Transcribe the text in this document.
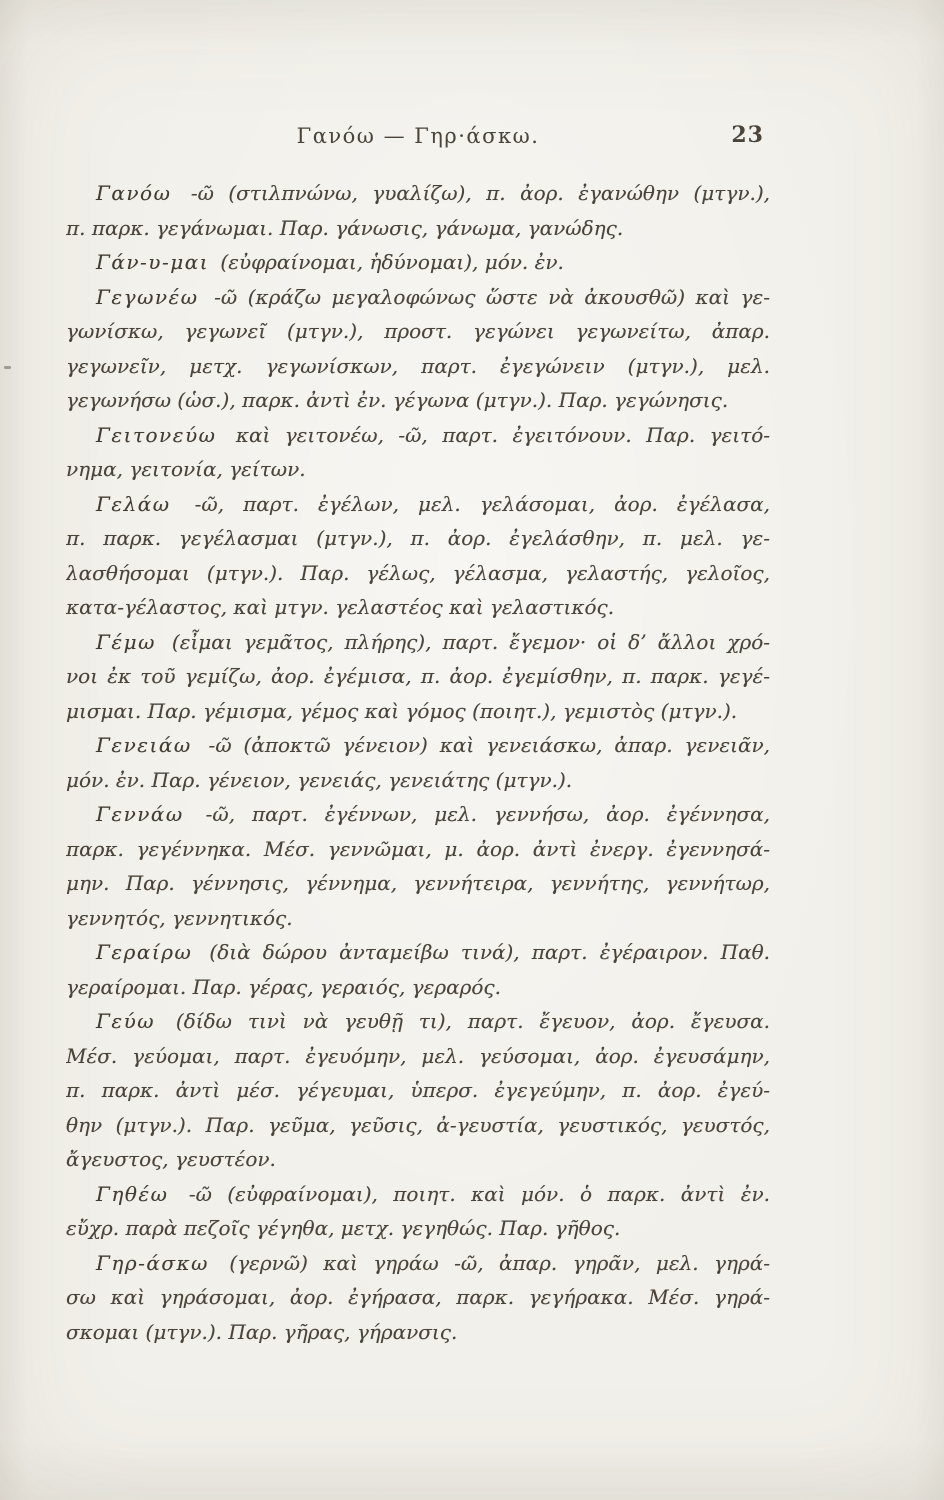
Γανόω — Γηρ·άσκω.	23
Γανόω -ῶ (στιλπνώνω, γυαλίζω), π. ἀορ. ἐγανώθην (μτγν.),
π. παρκ. γεγάνωμαι. Παρ. γάνωσις, γάνωμα, γανώδης.
Γάν-υ-μαι (εὐφραίνομαι, ἡδύνομαι), μόν. ἐν.
Γεγωνέω -ῶ (κράζω μεγαλοφώνως ὥστε νὰ ἀκουσθῶ) καὶ γε-
γωνίσκω, γεγωνεῖ (μτγν.), προστ. γεγώνει γεγωνείτω, ἀπαρ.
γεγωνεῖν, μετχ. γεγωνίσκων, παρτ. ἐγεγώνειν (μτγν.), μελ.
γεγωνήσω (ὡσ.), παρκ. ἀντὶ ἐν. γέγωνα (μτγν.). Παρ. γεγώνησις.
Γειτονεύω καὶ γειτονέω, -ῶ, παρτ. ἐγειτόνουν. Παρ. γειτό-
νημα, γειτονία, γείτων.
Γελάω -ῶ, παρτ. ἐγέλων, μελ. γελάσομαι, ἀορ. ἐγέλασα,
π. παρκ. γεγέλασμαι (μτγν.), π. ἀορ. ἐγελάσθην, π. μελ. γε-
λασθήσομαι (μτγν.). Παρ. γέλως, γέλασμα, γελαστής, γελοῖος,
κατα-γέλαστος, καὶ μτγν. γελαστέος καὶ γελαστικός.
Γέμω (εἶμαι γεμᾶτος, πλήρης), παρτ. ἔγεμον· οἱ δ’ ἄλλοι χρό-
νοι ἐκ τοῦ γεμίζω, ἀορ. ἐγέμισα, π. ἀορ. ἐγεμίσθην, π. παρκ. γεγέ-
μισμαι. Παρ. γέμισμα, γέμος καὶ γόμος (ποιητ.), γεμιστὸς (μτγν.).
Γενειάω -ῶ (ἀποκτῶ γένειον) καὶ γενειάσκω, ἀπαρ. γενειᾶν,
μόν. ἐν. Παρ. γένειον, γενειάς, γενειάτης (μτγν.).
Γεννάω -ῶ, παρτ. ἐγέννων, μελ. γεννήσω, ἀορ. ἐγέννησα,
παρκ. γεγέννηκα. Μέσ. γεννῶμαι, μ. ἀορ. ἀντὶ ἐνεργ. ἐγεννησά-
μην. Παρ. γέννησις, γέννημα, γεννήτειρα, γεννήτης, γεννήτωρ,
γεννητός, γεννητικός.
Γεραίρω (διὰ δώρου ἀνταμείβω τινά), παρτ. ἐγέραιρον. Παθ.
γεραίρομαι. Παρ. γέρας, γεραιός, γεραρός.
Γεύω (δίδω τινὶ νὰ γευθῇ τι), παρτ. ἔγευον, ἀορ. ἔγευσα.
Μέσ. γεύομαι, παρτ. ἐγευόμην, μελ. γεύσομαι, ἀορ. ἐγευσάμην,
π. παρκ. ἀντὶ μέσ. γέγευμαι, ὑπερσ. ἐγεγεύμην, π. ἀορ. ἐγεύ-
θην (μτγν.). Παρ. γεῦμα, γεῦσις, ἀ-γευστία, γευστικός, γευστός,
ἄγευστος, γευστέον.
Γηθέω -ῶ (εὐφραίνομαι), ποιητ. καὶ μόν. ὁ παρκ. ἀντὶ ἐν.
εὔχρ. παρὰ πεζοῖς γέγηθα, μετχ. γεγηθώς. Παρ. γῆθος.
Γηρ-άσκω (γερνῶ) καὶ γηράω -ῶ, ἀπαρ. γηρᾶν, μελ. γηρά-
σω καὶ γηράσομαι, ἀορ. ἐγήρασα, παρκ. γεγήρακα. Μέσ. γηρά-
σκομαι (μτγν.). Παρ. γῆρας, γήρανσις.
